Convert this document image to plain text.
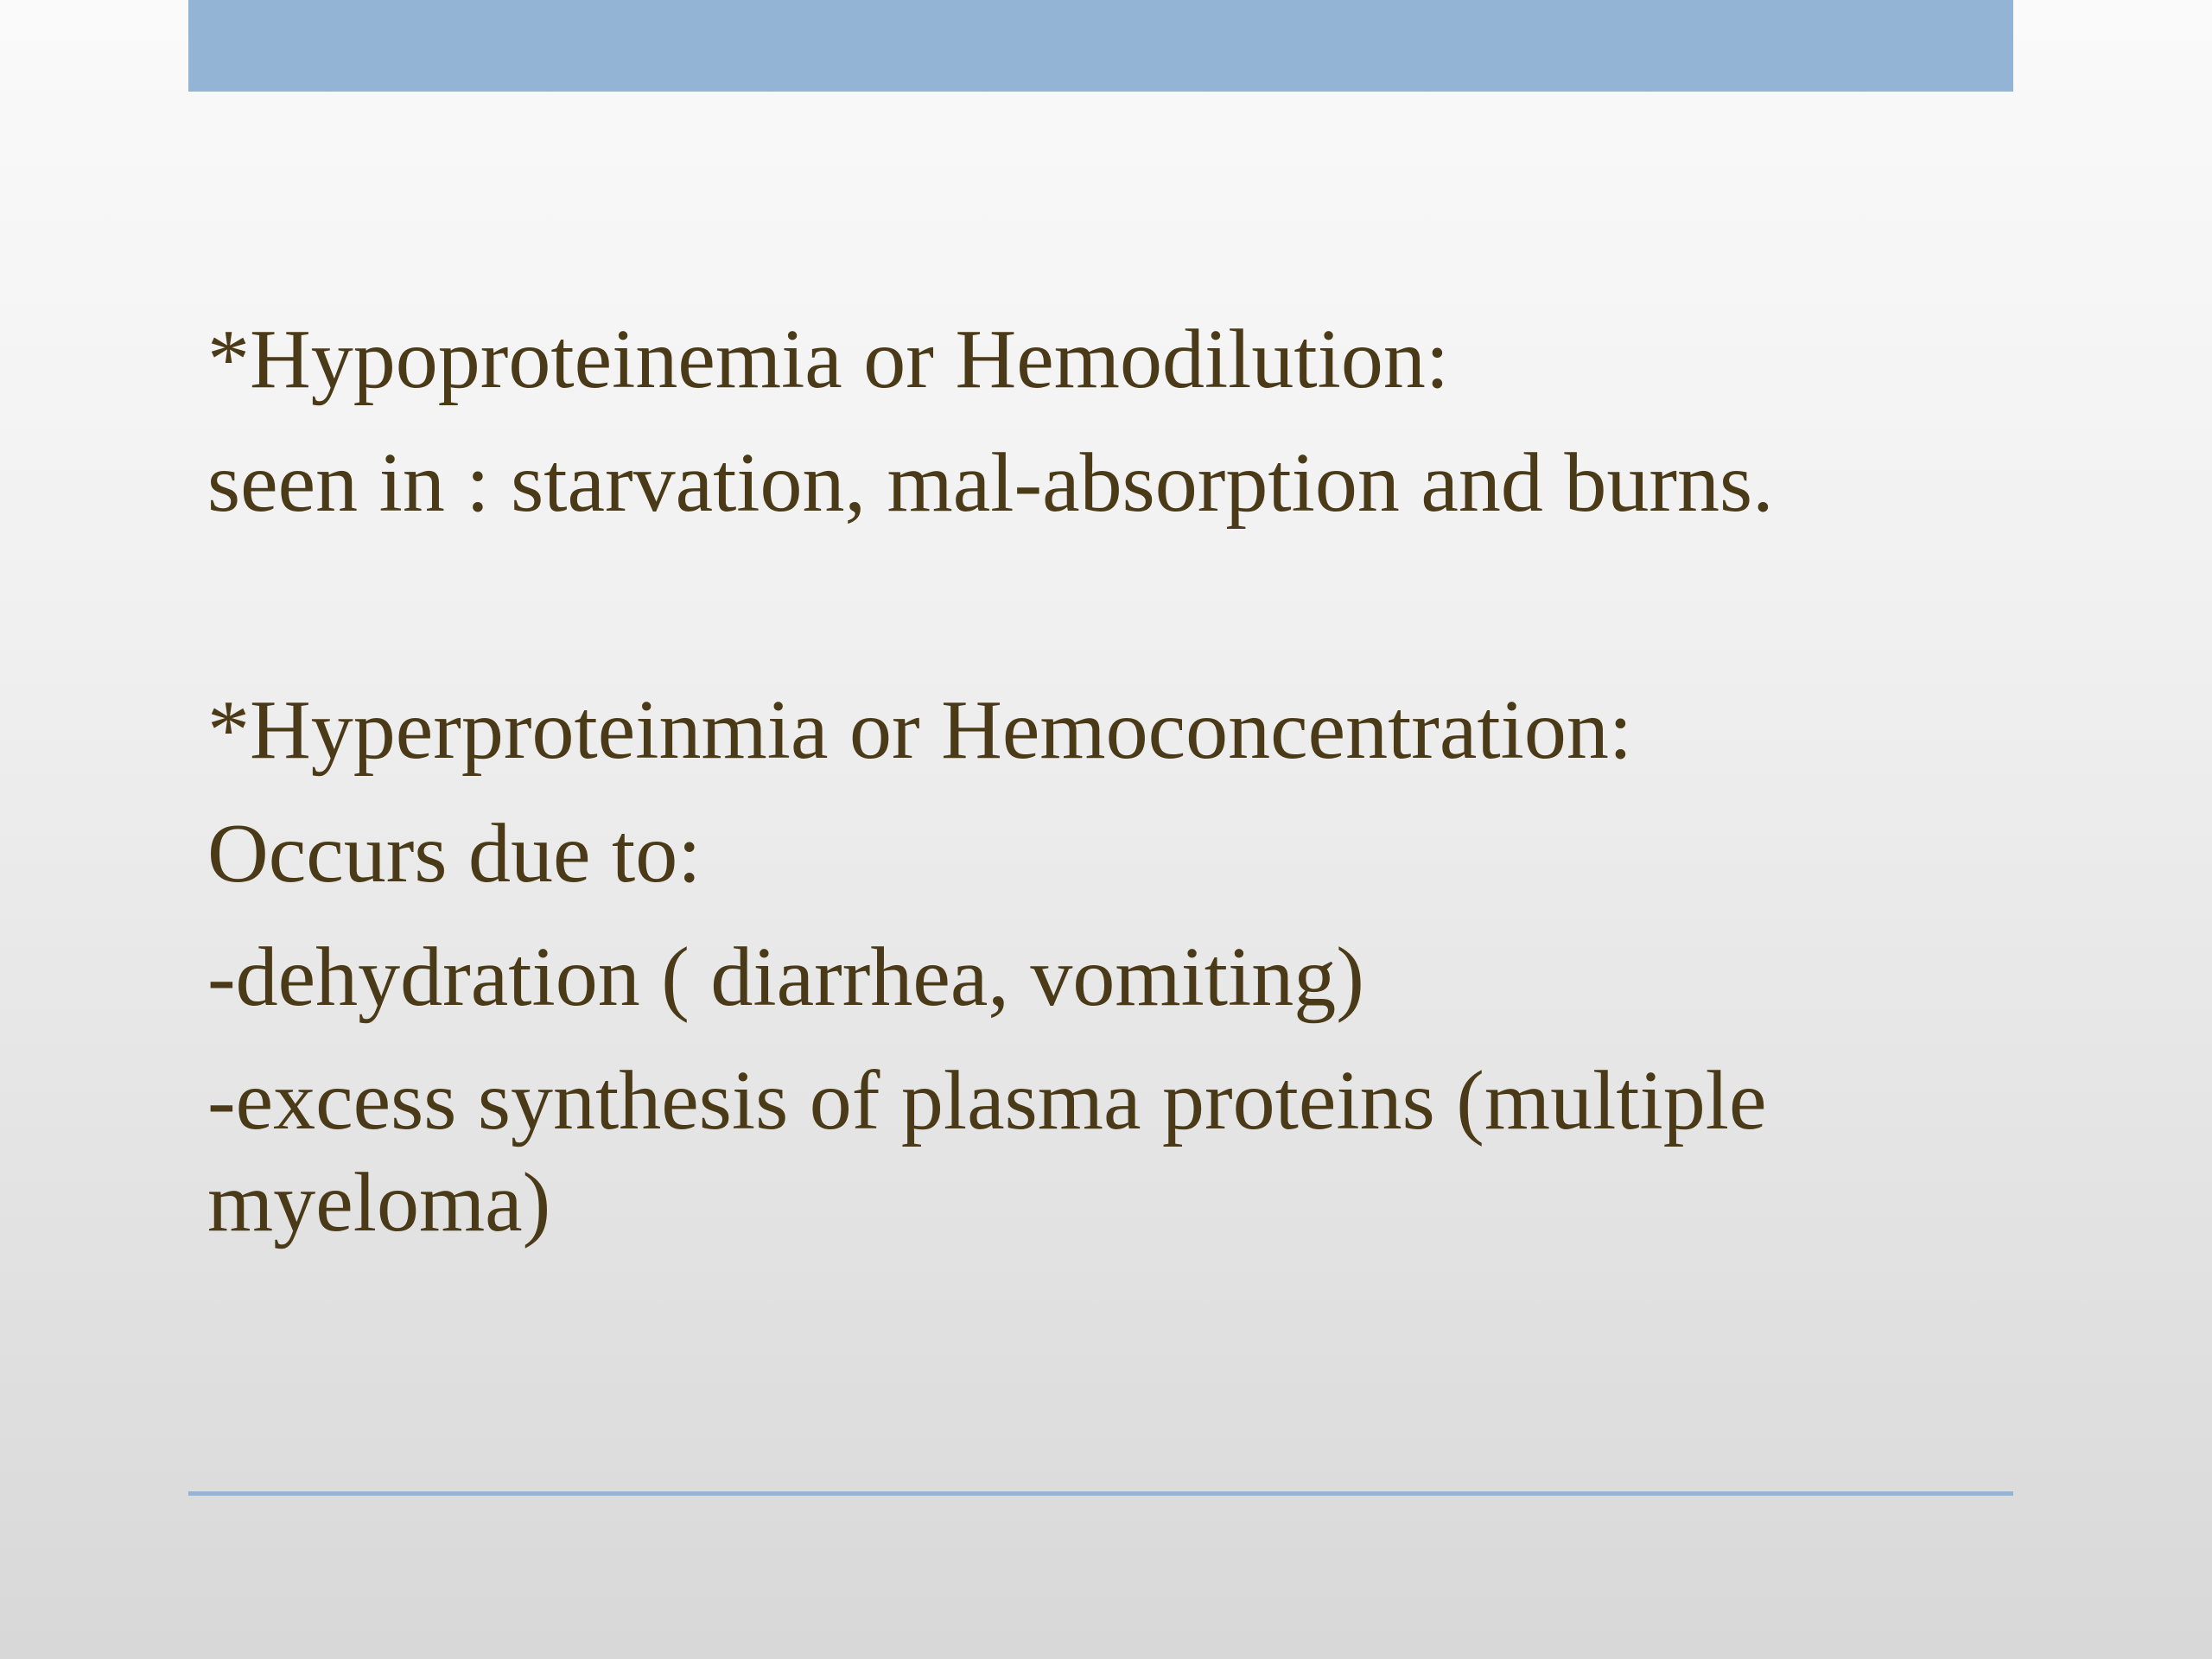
*Hypoproteinemia or Hemodilution:

seen in : starvation, mal-absorption and burns.

*Hyperproteinmia or Hemoconcentration:

Occurs due to:

-dehydration ( diarrhea, vomiting)

-excess synthesis of plasma proteins (multiple myeloma)
